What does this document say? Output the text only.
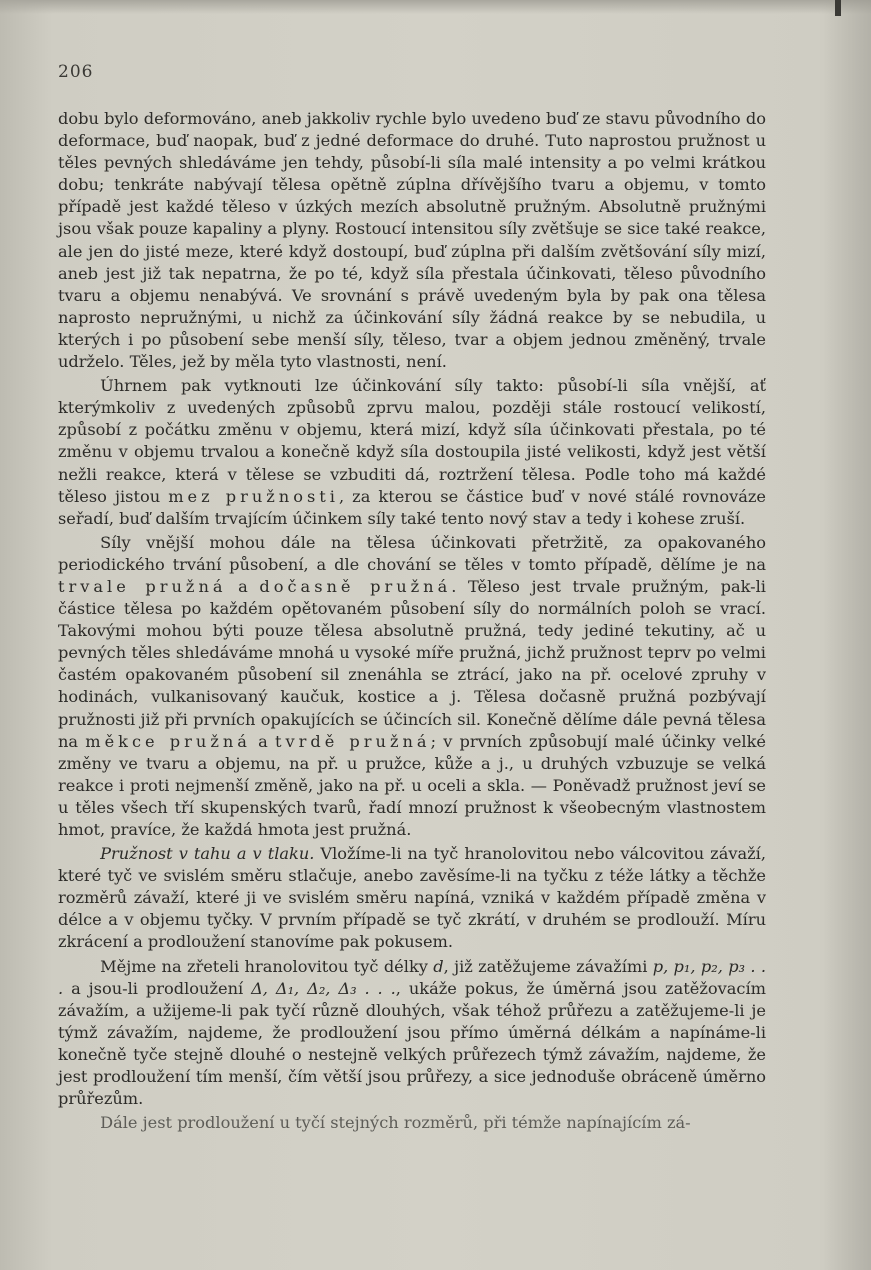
206

dobu bylo deformováno, aneb jakkoliv rychle bylo uvedeno buď ze stavu původního do deformace, buď naopak, buď z jedné deformace do druhé. Tuto naprostou pružnost u těles pevných shledáváme jen tehdy, působí-li síla malé intensity a po velmi krátkou dobu; tenkráte nabývají tělesa opětně zúplna dřívějšího tvaru a objemu, v tomto případě jest každé těleso v úzkých mezích absolutně pružným. Absolutně pružnými jsou však pouze kapaliny a plyny. Rostoucí intensitou síly zvětšuje se sice také reakce, ale jen do jisté meze, které když dostoupí, buď zúplna při dalším zvětšování síly mizí, aneb jest již tak nepatrna, že po té, když síla přestala účinkovati, těleso původního tvaru a objemu nenabývá. Ve srovnání s právě uvedeným byla by pak ona tělesa naprosto nepružnými, u nichž za účinkování síly žádná reakce by se nebudila, u kterých i po působení sebe menší síly, těleso, tvar a objem jednou změněný, trvale udrželo. Těles, jež by měla tyto vlastnosti, není.

Úhrnem pak vytknouti lze účinkování síly takto: působí-li síla vnější, ať kterýmkoliv z uvedených způsobů zprvu malou, později stále rostoucí velikostí, způsobí z počátku změnu v objemu, která mizí, když síla účinkovati přestala, po té změnu v objemu trvalou a konečně když síla dostoupila jisté velikosti, když jest větší nežli reakce, která v tělese se vzbuditi dá, roztržení tělesa. Podle toho má každé těleso jistou mez pružnosti, za kterou se částice buď v nové stálé rovnováze seřadí, buď dalším trvajícím účinkem síly také tento nový stav a tedy i kohese zruší.

Síly vnější mohou dále na tělesa účinkovati přetržitě, za opakovaného periodického trvání působení, a dle chování se těles v tomto případě, dělíme je na trvale pružná a dočasně pružná. Těleso jest trvale pružným, pak-li částice tělesa po každém opětovaném působení síly do normálních poloh se vrací. Takovými mohou býti pouze tělesa absolutně pružná, tedy jediné tekutiny, ač u pevných těles shledáváme mnohá u vysoké míře pružná, jichž pružnost teprv po velmi častém opakovaném působení sil znenáhla se ztrácí, jako na př. ocelové zpruhy v hodinách, vulkanisovaný kaučuk, kostice a j. Tělesa dočasně pružná pozbývají pružnosti již při prvních opakujících se účincích sil. Konečně dělíme dále pevná tělesa na měkce pružná a tvrdě pružná; v prvních způsobují malé účinky velké změny ve tvaru a objemu, na př. u pružce, kůže a j., u druhých vzbuzuje se velká reakce i proti nejmenší změně, jako na př. u oceli a skla. — Poněvadž pružnost jeví se u těles všech tří skupenských tvarů, řadí mnozí pružnost k všeobecným vlastnostem hmot, pravíce, že každá hmota jest pružná.

Pružnost v tahu a v tlaku. Vložíme-li na tyč hranolovitou nebo válcovitou závaží, které tyč ve svislém směru stlačuje, anebo zavěsíme-li na tyčku z téže látky a těchže rozměrů závaží, které ji ve svislém směru napíná, vzniká v každém případě změna v délce a v objemu tyčky. V prvním případě se tyč zkrátí, v druhém se prodlouží. Míru zkrácení a prodloužení stanovíme pak pokusem.

Mějme na zřeteli hranolovitou tyč délky d, již zatěžujeme závažími p, p₁, p₂, p₃ . . . a jsou-li prodloužení Δ, Δ₁, Δ₂, Δ₃ . . ., ukáže pokus, že úměrná jsou zatěžovacím závažím, a užijeme-li pak tyčí různě dlouhých, však téhož průřezu a zatěžujeme-li je týmž závažím, najdeme, že prodloužení jsou přímo úměrná délkám a napínáme-li konečně tyče stejně dlouhé o nestejně velkých průřezech týmž závažím, najdeme, že jest prodloužení tím menší, čím větší jsou průřezy, a sice jednoduše obráceně úměrno průřezům.

Dále jest prodloužení u tyčí stejných rozměrů, při témže napínajícím zá-
